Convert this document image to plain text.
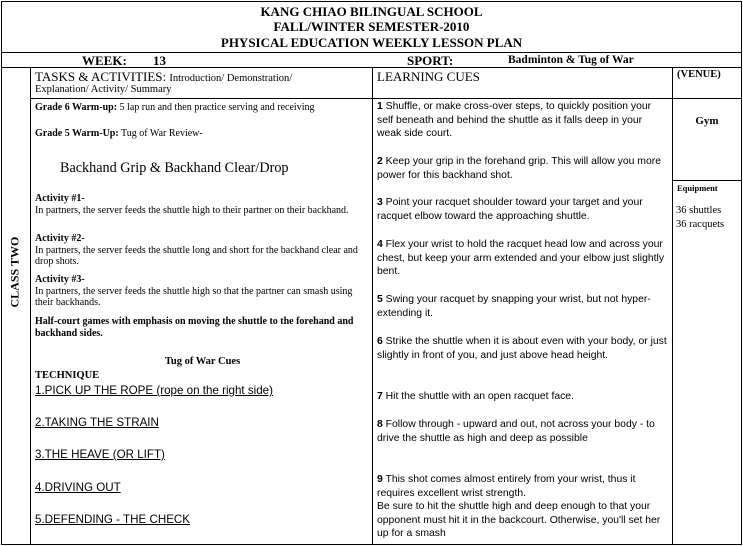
KANG CHIAO BILINGUAL SCHOOL
FALL/WINTER SEMESTER-2010
PHYSICAL EDUCATION WEEKLY LESSON PLAN
WEEK: 13	SPORT:	Badminton & Tug of War
CLASS TWO
TASKS & ACTIVITIES: Introduction/ Demonstration/
Explanation/ Activity/ Summary
LEARNING CUES	(VENUE)
Grade 6 Warm-up: 5 lap run and then practice serving and receiving
Grade 5 Warm-Up: Tug of War Review-
Backhand Grip & Backhand Clear/Drop
Activity #1-
In partners, the server feeds the shuttle high to their partner on their backhand.
Activity #2-
In partners, the server feeds the shuttle long and short for the backhand clear and drop shots.
Activity #3-
In partners, the server feeds the shuttle high so that the partner can smash using their backhands.
Half-court games with emphasis on moving the shuttle to the forehand and backhand sides.
Tug of War Cues
TECHNIQUE
1.PICK UP THE ROPE (rope on the right side)
2.TAKING THE STRAIN
3.THE HEAVE (OR LIFT)
4.DRIVING OUT
5.DEFENDING - THE CHECK
1 Shuffle, or make cross-over steps, to quickly position your self beneath and behind the shuttle as it falls deep in your weak side court.
2 Keep your grip in the forehand grip. This will allow you more power for this backhand shot.
3 Point your racquet shoulder toward your target and your racquet elbow toward the approaching shuttle.
4 Flex your wrist to hold the racquet head low and across your chest, but keep your arm extended and your elbow just slightly bent.
5 Swing your racquet by snapping your wrist, but not hyper-extending it.
6 Strike the shuttle when it is about even with your body, or just slightly in front of you, and just above head height.
7 Hit the shuttle with an open racquet face.
8 Follow through - upward and out, not across your body - to drive the shuttle as high and deep as possible
9 This shot comes almost entirely from your wrist, thus it requires excellent wrist strength.
Be sure to hit the shuttle high and deep enough to that your opponent must hit it in the backcourt. Otherwise, you'll set her up for a smash
Gym
Equipment
36 shuttles
36 racquets
